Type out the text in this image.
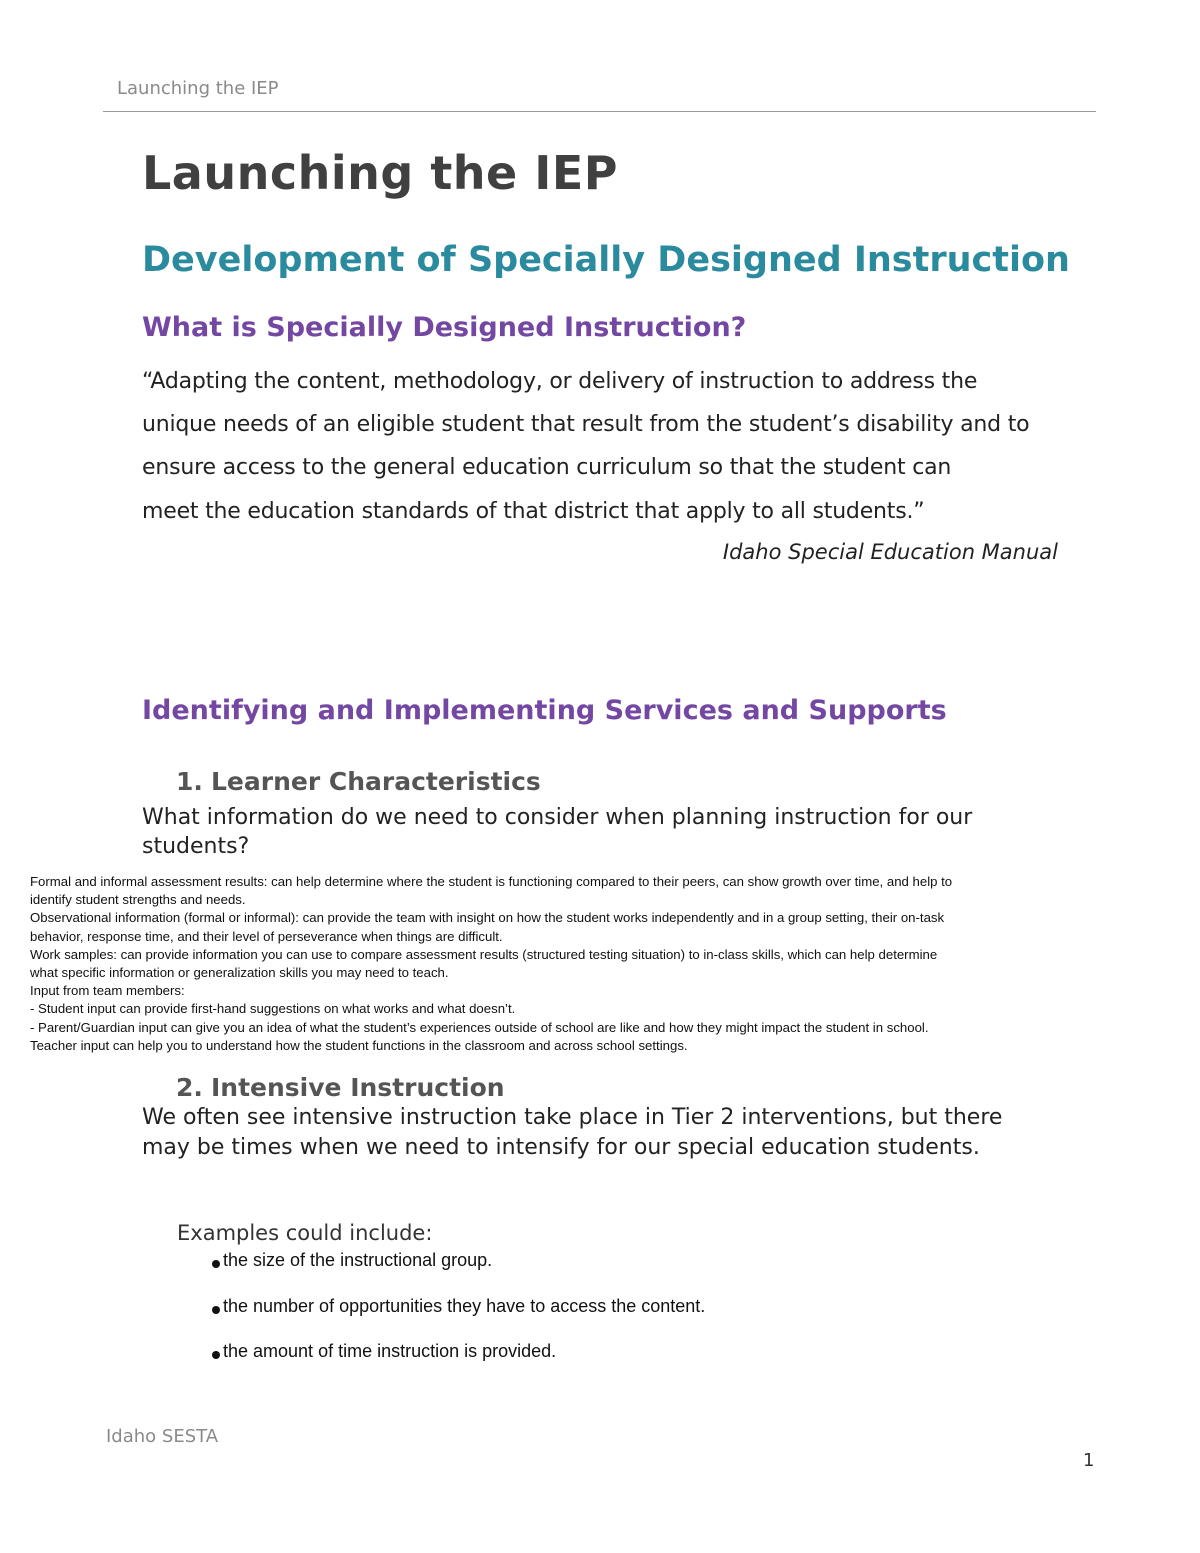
Launching the IEP
Launching the IEP
Development of Specially Designed Instruction
What is Specially Designed Instruction?

“Adapting the content, methodology, or delivery of instruction to address the

unique needs of an eligible student that result from the student’s disability and to

ensure access to the general education curriculum so that the student can

meet the education standards of that district that apply to all students.”

Idaho Special Education Manual

Identifying and Implementing Services and Supports
1. Learner Characteristics

What information do we need to consider when planning instruction for our

students?

Formal and informal assessment results: can help determine where the student is functioning compared to their peers, can show growth over time, and help to
identify student strengths and needs.
Observational information (formal or informal): can provide the team with insight on how the student works independently and in a group setting, their on-task
behavior, response time, and their level of perseverance when things are difficult.
Work samples: can provide information you can use to compare assessment results (structured testing situation) to in-class skills, which can help determine
what specific information or generalization skills you may need to teach.
Input from team members:
- Student input can provide first-hand suggestions on what works and what doesn’t.
- Parent/Guardian input can give you an idea of what the student’s experiences outside of school are like and how they might impact the student in school.
Teacher input can help you to understand how the student functions in the classroom and across school settings.
2. Intensive Instruction

We often see intensive instruction take place in Tier 2 interventions, but there

may be times when we need to intensify for our special education students.

Examples could include:

the size of the instructional group.
the number of opportunities they have to access the content.
the amount of time instruction is provided.
Idaho SESTA
1
